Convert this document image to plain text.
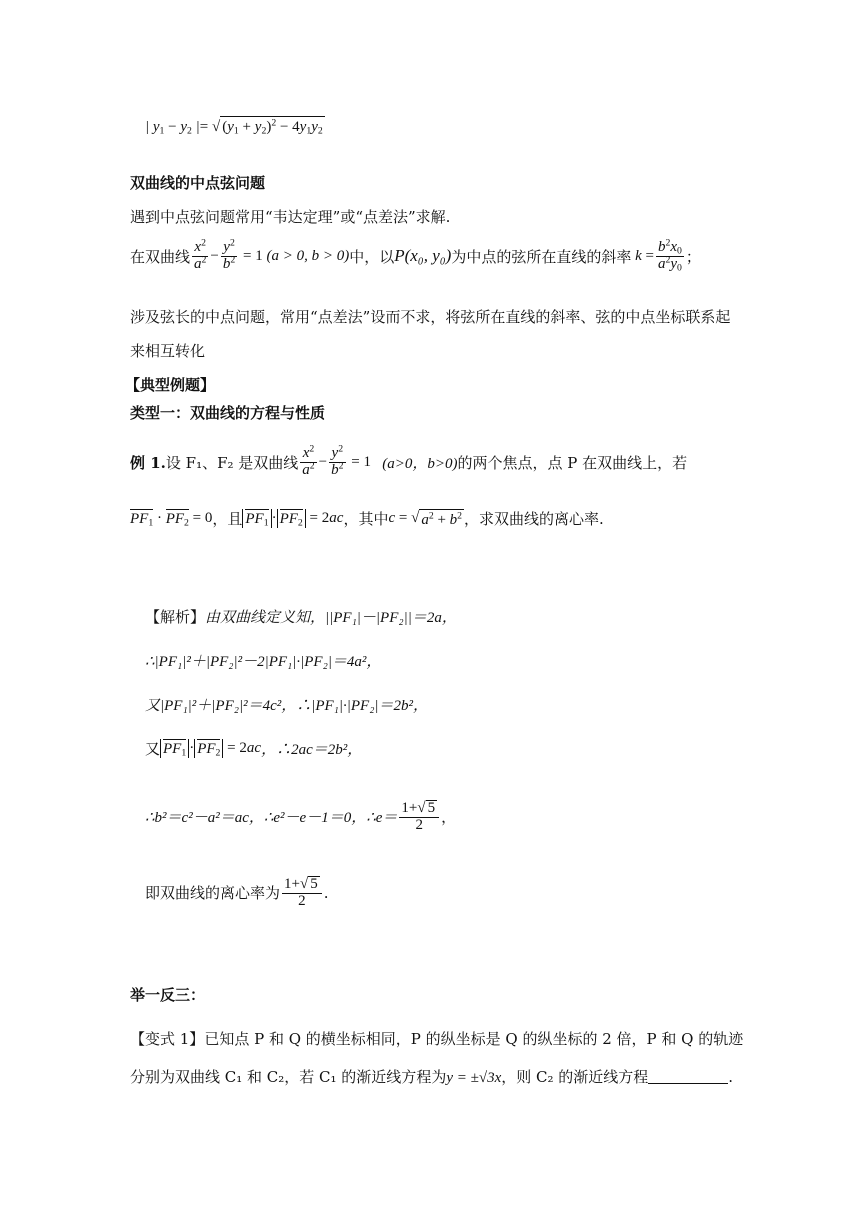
| $y_1 - y_2$ |= √ $(y_1 + y_2)^2 - 4y_1y_2$
双曲线的中点弦问题
遇到中点弦问题常用“韦达定理”或“点差法”求解.
在双曲线 $\frac{x^2}{a^2} - \frac{y^2}{b^2} = 1$ (a > 0, b > 0) 中，以 P(x₀, y₀) 为中点的弦所在直线的斜率 $k = \frac{b^2x_0}{a^2y_0}$ ；
涉及弦长的中点问题，常用“点差法”设而不求，将弦所在直线的斜率、弦的中点坐标联系起
来相互转化
【典型例题】
类型一：双曲线的方程与性质
例 1. 设 F₁、F₂ 是双曲线 $\frac{x^2}{a^2} - \frac{y^2}{b^2} = 1$ (a>0，b>0) 的两个焦点，点 P 在双曲线上，若
$PF_1 \cdot PF_2 = 0$ ，且 $PF_1 \cdot PF_2 = 2$ ac ，其中 c = √ $a^2 + b^2$ ，求双曲线的离心率.
【解析】由双曲线定义知，||PF₁|－|PF₂||＝2a，
∴|PF₁|²＋|PF₂|²－2|PF₁|·|PF₂|＝4a²，
又|PF₁|²＋|PF₂|²＝4c²，∴|PF₁|·|PF₂|＝2b²，
又 $PF_1 \cdot PF_2 = 2$ ac ，∴2ac＝2b²，
∴b²＝c²－a²＝ac，∴e²－e－1＝0，∴e＝ $\frac{1+√ 5}{2}$ ，
即双曲线的离心率为 $\frac{1+√ 5}{2}$ .
举一反三：
【变式 1】已知点 P 和 Q 的横坐标相同，P 的纵坐标是 Q 的纵坐标的 2 倍，P 和 Q 的轨迹
分别为双曲线 C₁ 和 C₂，若 C₁ 的渐近线方程为y = ±√3x，则 C₂ 的渐近线方程	.
